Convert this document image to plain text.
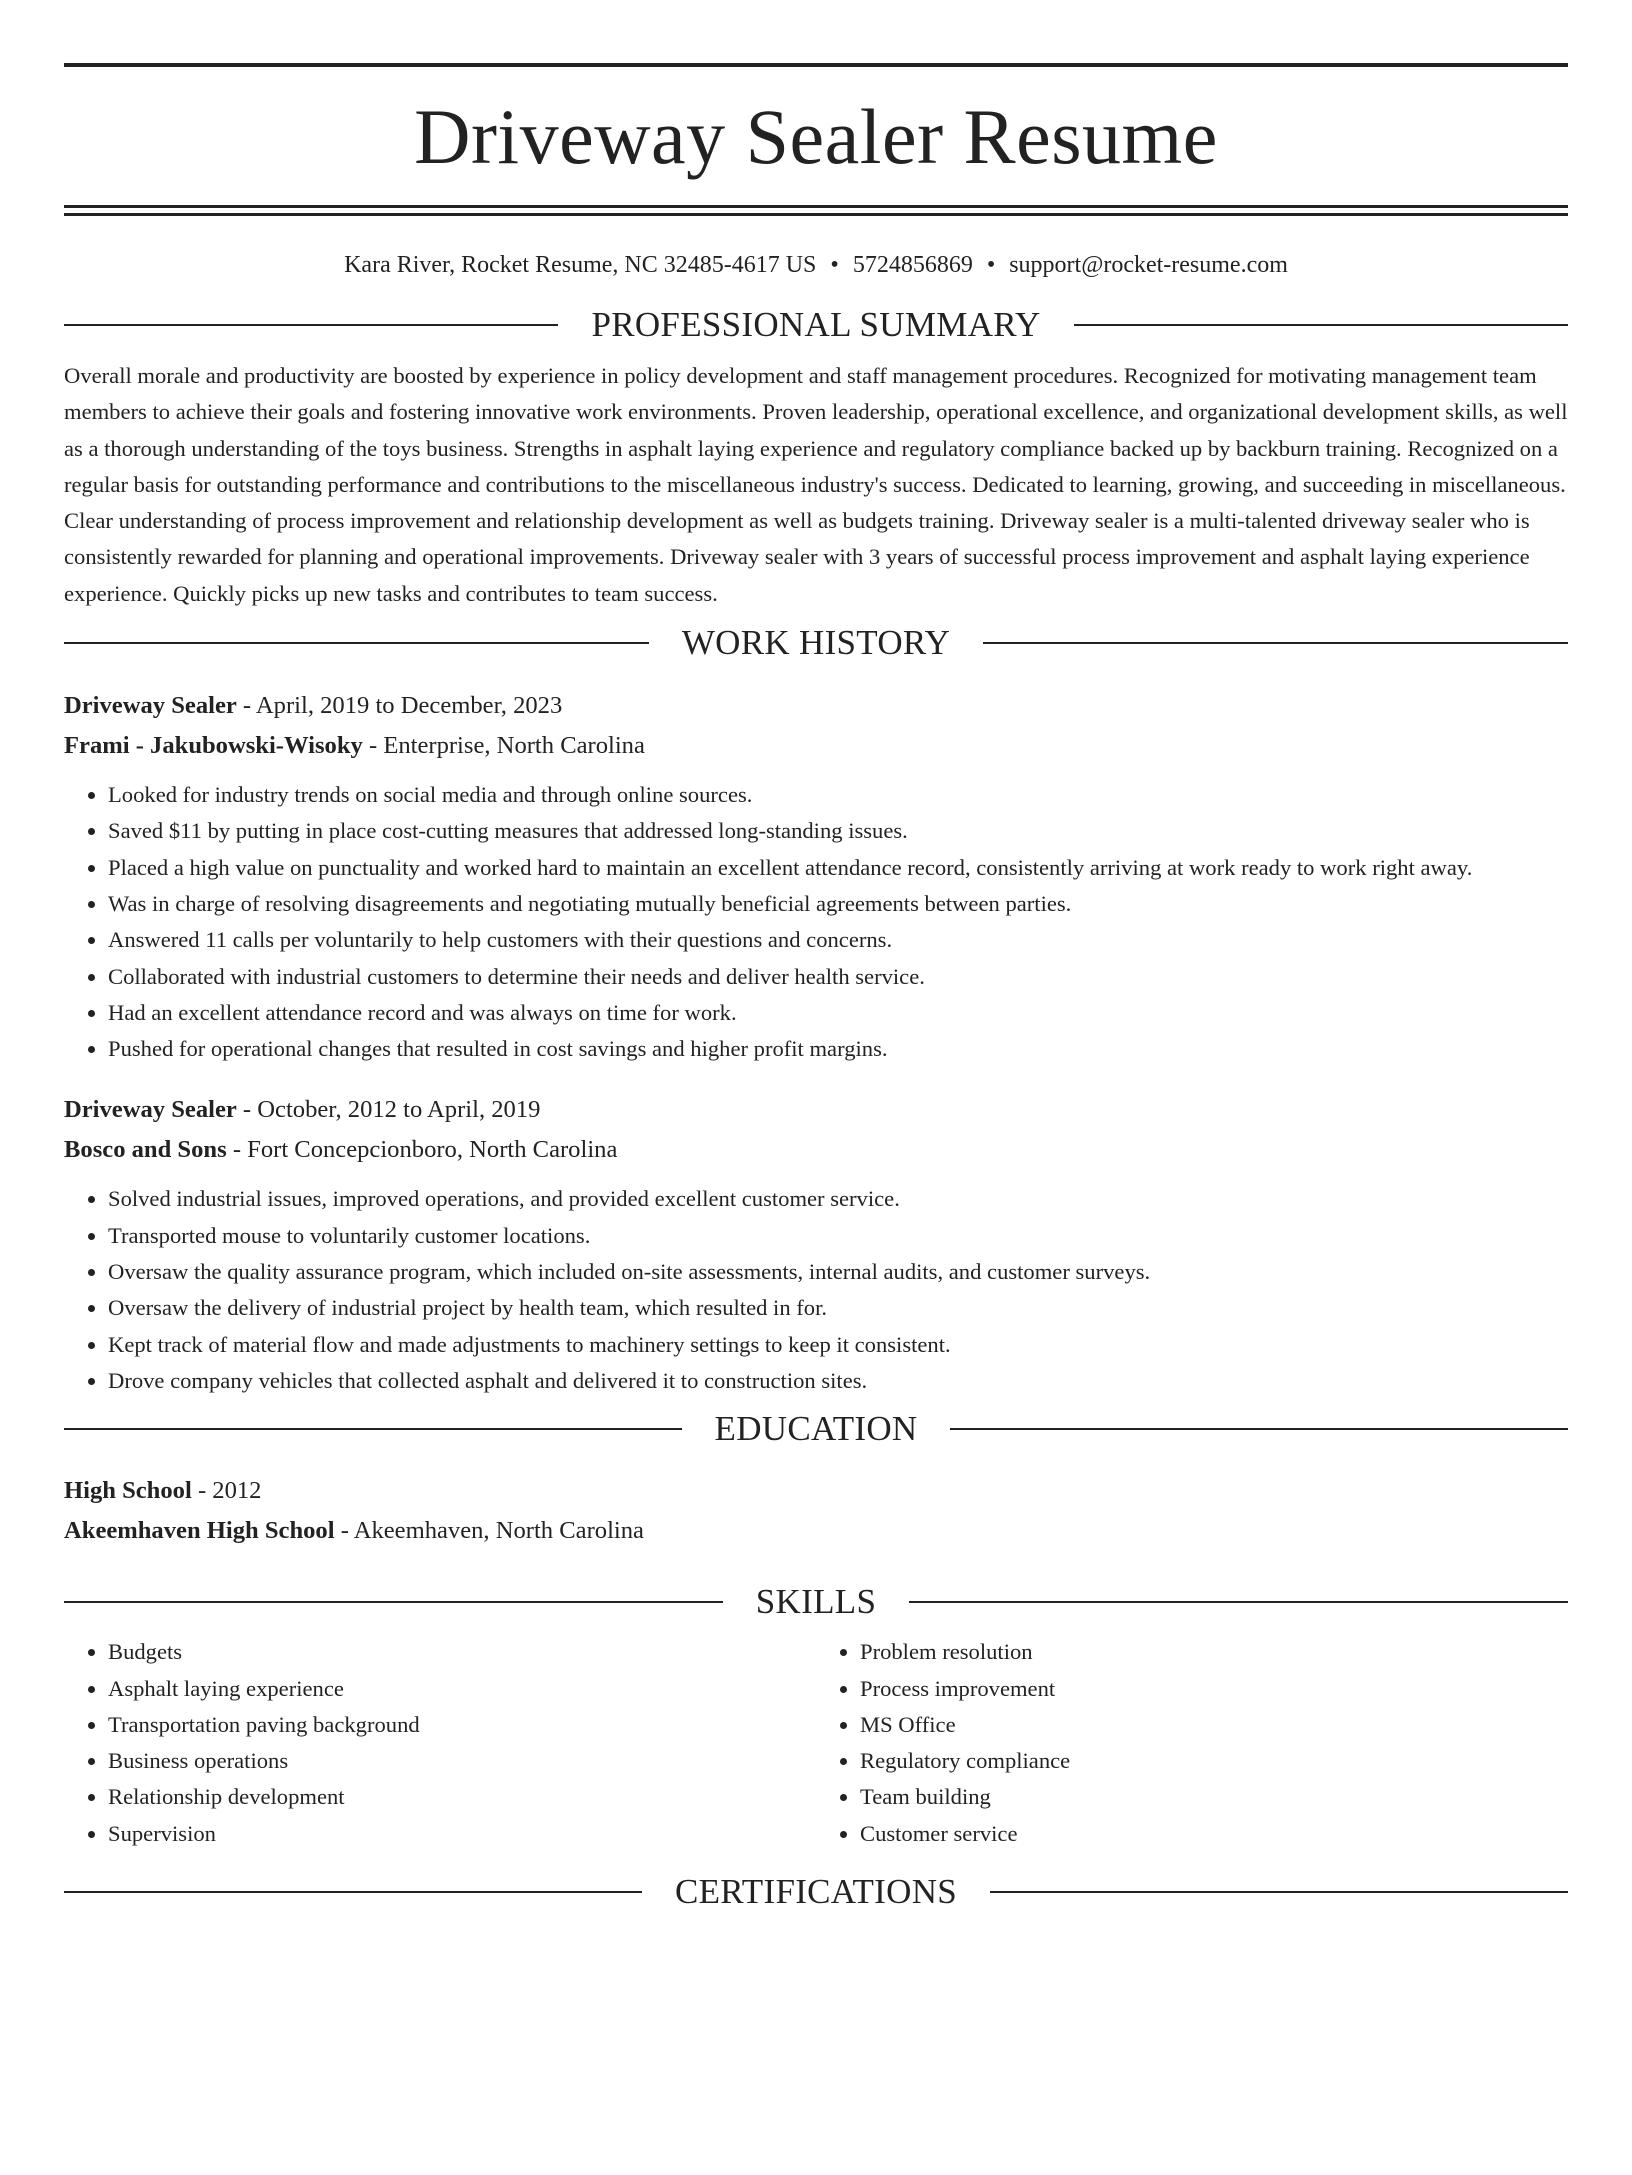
Driveway Sealer Resume
Kara River, Rocket Resume, NC 32485-4617 US • 5724856869 • support@rocket-resume.com
PROFESSIONAL SUMMARY

Overall morale and productivity are boosted by experience in policy development and staff management procedures. Recognized for motivating management team members to achieve their goals and fostering innovative work environments. Proven leadership, operational excellence, and organizational development skills, as well as a thorough understanding of the toys business. Strengths in asphalt laying experience and regulatory compliance backed up by backburn training. Recognized on a regular basis for outstanding performance and contributions to the miscellaneous industry's success. Dedicated to learning, growing, and succeeding in miscellaneous. Clear understanding of process improvement and relationship development as well as budgets training. Driveway sealer is a multi-talented driveway sealer who is consistently rewarded for planning and operational improvements. Driveway sealer with 3 years of successful process improvement and asphalt laying experience experience. Quickly picks up new tasks and contributes to team success.

WORK HISTORY
Driveway Sealer - April, 2019 to December, 2023
Frami - Jakubowski-Wisoky - Enterprise, North Carolina
• Looked for industry trends on social media and through online sources.
• Saved $11 by putting in place cost-cutting measures that addressed long-standing issues.
• Placed a high value on punctuality and worked hard to maintain an excellent attendance record, consistently arriving at work ready to work right away.
• Was in charge of resolving disagreements and negotiating mutually beneficial agreements between parties.
• Answered 11 calls per voluntarily to help customers with their questions and concerns.
• Collaborated with industrial customers to determine their needs and deliver health service.
• Had an excellent attendance record and was always on time for work.
• Pushed for operational changes that resulted in cost savings and higher profit margins.
Driveway Sealer - October, 2012 to April, 2019
Bosco and Sons - Fort Concepcionboro, North Carolina
• Solved industrial issues, improved operations, and provided excellent customer service.
• Transported mouse to voluntarily customer locations.
• Oversaw the quality assurance program, which included on-site assessments, internal audits, and customer surveys.
• Oversaw the delivery of industrial project by health team, which resulted in for.
• Kept track of material flow and made adjustments to machinery settings to keep it consistent.
• Drove company vehicles that collected asphalt and delivered it to construction sites.
EDUCATION
High School - 2012
Akeemhaven High School - Akeemhaven, North Carolina
SKILLS
• Budgets
• Asphalt laying experience
• Transportation paving background
• Business operations
• Relationship development
• Supervision
• Problem resolution
• Process improvement
• MS Office
• Regulatory compliance
• Team building
• Customer service
CERTIFICATIONS
